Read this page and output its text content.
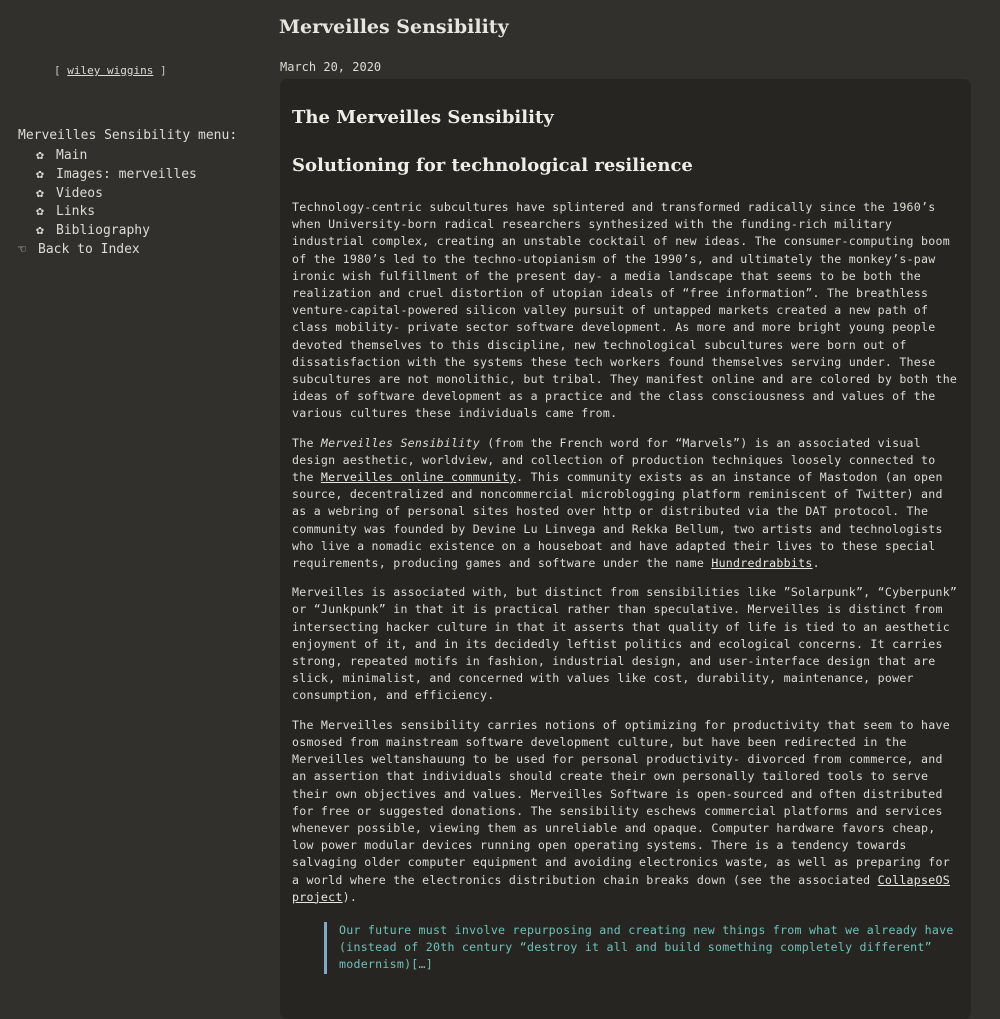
[ wiley wiggins ]
Merveilles Sensibility menu:
✿ Main
✿ Images: merveilles
✿ Videos
✿ Links
✿ Bibliography
☜ Back to Index
Merveilles Sensibility
March 20, 2020
The Merveilles Sensibility
Solutioning for technological resilience

Technology-centric subcultures have splintered and transformed radically since the 1960’s when University-born radical researchers synthesized with the funding-rich military industrial complex, creating an unstable cocktail of new ideas. The consumer-computing boom of the 1980’s led to the techno-utopianism of the 1990’s, and ultimately the monkey’s-paw ironic wish fulfillment of the present day- a media landscape that seems to be both the realization and cruel distortion of utopian ideals of “free information”. The breathless venture-capital-powered silicon valley pursuit of untapped markets created a new path of class mobility- private sector software development. As more and more bright young people devoted themselves to this discipline, new technological subcultures were born out of dissatisfaction with the systems these tech workers found themselves serving under. These subcultures are not monolithic, but tribal. They manifest online and are colored by both the ideas of software development as a practice and the class consciousness and values of the various cultures these individuals came from.

The Merveilles Sensibility (from the French word for “Marvels”) is an associated visual design aesthetic, worldview, and collection of production techniques loosely connected to the Merveilles online community. This community exists as an instance of Mastodon (an open source, decentralized and noncommercial microblogging platform reminiscent of Twitter) and as a webring of personal sites hosted over http or distributed via the DAT protocol. The community was founded by Devine Lu Linvega and Rekka Bellum, two artists and technologists who live a nomadic existence on a houseboat and have adapted their lives to these special requirements, producing games and software under the name Hundredrabbits.

Merveilles is associated with, but distinct from sensibilities like ”Solarpunk”, “Cyberpunk” or “Junkpunk” in that it is practical rather than speculative. Merveilles is distinct from intersecting hacker culture in that it asserts that quality of life is tied to an aesthetic enjoyment of it, and in its decidedly leftist politics and ecological concerns. It carries strong, repeated motifs in fashion, industrial design, and user-interface design that are slick, minimalist, and concerned with values like cost, durability, maintenance, power consumption, and efficiency.

The Merveilles sensibility carries notions of optimizing for productivity that seem to have osmosed from mainstream software development culture, but have been redirected in the Merveilles weltanshauung to be used for personal productivity- divorced from commerce, and an assertion that individuals should create their own personally tailored tools to serve their own objectives and values. Merveilles Software is open-sourced and often distributed for free or suggested donations. The sensibility eschews commercial platforms and services whenever possible, viewing them as unreliable and opaque. Computer hardware favors cheap, low power modular devices running open operating systems. There is a tendency towards salvaging older computer equipment and avoiding electronics waste, as well as preparing for a world where the electronics distribution chain breaks down (see the associated CollapseOS project).

Our future must involve repurposing and creating new things from what we already have (instead of 20th century “destroy it all and build something completely different” modernism)[…]
